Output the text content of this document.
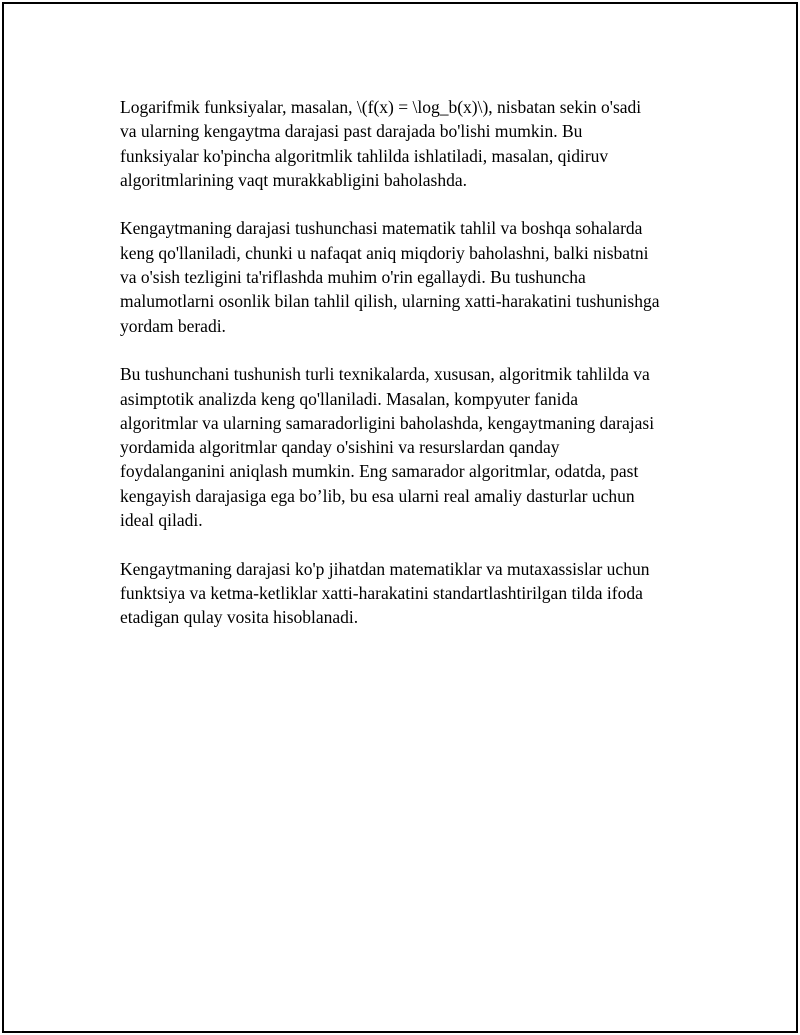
Logarifmik funksiyalar, masalan, \(f(x) = \log_b(x)\), nisbatan sekin o'sadi
va ularning kengaytma darajasi past darajada bo'lishi mumkin. Bu
funksiyalar ko'pincha algoritmlik tahlilda ishlatiladi, masalan, qidiruv
algoritmlarining vaqt murakkabligini baholashda.

Kengaytmaning darajasi tushunchasi matematik tahlil va boshqa sohalarda
keng qo'llaniladi, chunki u nafaqat aniq miqdoriy baholashni, balki nisbatni
va o'sish tezligini ta'riflashda muhim o'rin egallaydi. Bu tushuncha
malumotlarni osonlik bilan tahlil qilish, ularning xatti-harakatini tushunishga
yordam beradi.

Bu tushunchani tushunish turli texnikalarda, xususan, algoritmik tahlilda va
asimptotik analizda keng qo'llaniladi. Masalan, kompyuter fanida
algoritmlar va ularning samaradorligini baholashda, kengaytmaning darajasi
yordamida algoritmlar qanday o'sishini va resurslardan qanday
foydalanganini aniqlash mumkin. Eng samarador algoritmlar, odatda, past
kengayish darajasiga ega bo’lib, bu esa ularni real amaliy dasturlar uchun
ideal qiladi.

Kengaytmaning darajasi ko'p jihatdan matematiklar va mutaxassislar uchun
funktsiya va ketma-ketliklar xatti-harakatini standartlashtirilgan tilda ifoda
etadigan qulay vosita hisoblanadi.
